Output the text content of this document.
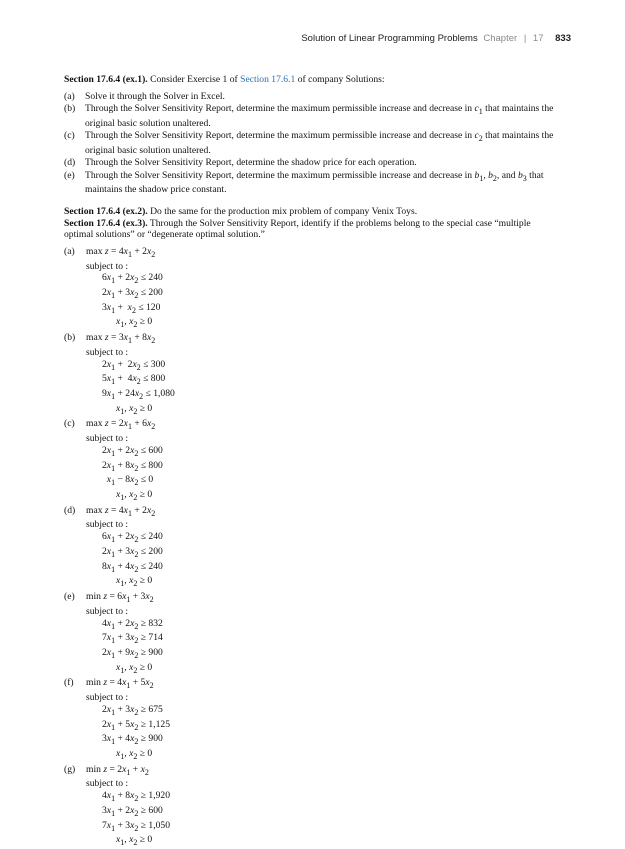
Solution of Linear Programming Problems Chapter | 17 833

Section 17.6.4 (ex.1). Consider Exercise 1 of Section 17.6.1 of company Solutions:

(a) Solve it through the Solver in Excel.
(b) Through the Solver Sensitivity Report, determine the maximum permissible increase and decrease in $c_1$ that maintains the original basic solution unaltered.
(c) Through the Solver Sensitivity Report, determine the maximum permissible increase and decrease in $c_2$ that maintains the original basic solution unaltered.
(d) Through the Solver Sensitivity Report, determine the shadow price for each operation.
(e) Through the Solver Sensitivity Report, determine the maximum permissible increase and decrease in $b_1$, $b_2$, and $b_3$ that maintains the shadow price constant.

Section 17.6.4 (ex.2). Do the same for the production mix problem of company Venix Toys.

Section 17.6.4 (ex.3). Through the Solver Sensitivity Report, identify if the problems belong to the special case “multiple optimal solutions” or “degenerate optimal solution.”

(a) $\max z = 4x_1 + 2x_2$
subject to :
$6x_1 + 2x_2 \le 240$
$2x_1 + 3x_2 \le 200$
$3x_1 + x_2 \le 120$
$x_1$, $x_2 \ge 0$
(b) $\max z = 3x_1 + 8x_2$
subject to :
$2x_1 + 2x_2 \le 300$
$5x_1 + 4x_2 \le 800$
$9x_1 + 24x_2 \le 1,080$
$x_1$, $x_2 \ge 0$
(c) $\max z = 2x_1 + 6x_2$
subject to :
$2x_1 + 2x_2 \le 600$
$2x_1 + 8x_2 \le 800$
$x_1 - 8x_2 \le 0$
$x_1$, $x_2 \ge 0$
(d) $\max z = 4x_1 + 2x_2$
subject to :
$6x_1 + 2x_2 \le 240$
$2x_1 + 3x_2 \le 200$
$8x_1 + 4x_2 \le 240$
$x_1$, $x_2 \ge 0$
(e) $\min z = 6x_1 + 3x_2$
subject to :
$4x_1 + 2x_2 \ge 832$
$7x_1 + 3x_2 \ge 714$
$2x_1 + 9x_2 \ge 900$
$x_1$, $x_2 \ge 0$
(f) $\min z = 4x_1 + 5x_2$
subject to :
$2x_1 + 3x_2 \ge 675$
$2x_1 + 5x_2 \ge 1,125$
$3x_1 + 4x_2 \ge 900$
$x_1$, $x_2 \ge 0$
(g) $\min z = 2x_1 + x_2$
subject to :
$4x_1 + 8x_2 \ge 1,920$
$3x_1 + 2x_2 \ge 600$
$7x_1 + 3x_2 \ge 1,050$
$x_1$, $x_2 \ge 0$
